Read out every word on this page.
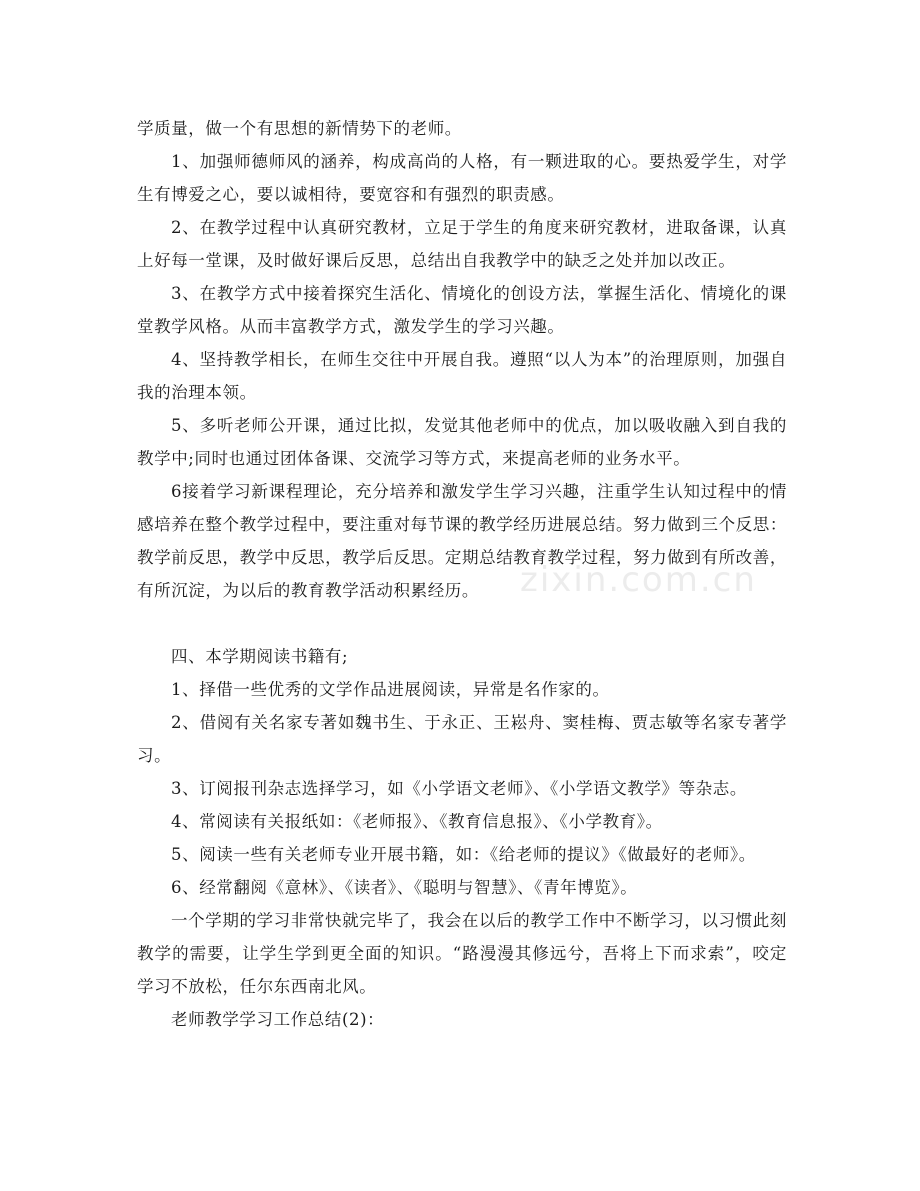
学质量，做一个有思想的新情势下的老师。

1、加强师德师风的涵养，构成高尚的人格，有一颗进取的心。要热爱学生，对学生有博爱之心，要以诚相待，要宽容和有强烈的职责感。

2、在教学过程中认真研究教材，立足于学生的角度来研究教材，进取备课，认真上好每一堂课，及时做好课后反思，总结出自我教学中的缺乏之处并加以改正。

3、在教学方式中接着探究生活化、情境化的创设方法，掌握生活化、情境化的课堂教学风格。从而丰富教学方式，激发学生的学习兴趣。

4、坚持教学相长，在师生交往中开展自我。遵照“以人为本”的治理原则，加强自我的治理本领。

5、多听老师公开课，通过比拟，发觉其他老师中的优点，加以吸收融入到自我的教学中;同时也通过团体备课、交流学习等方式，来提高老师的业务水平。

6接着学习新课程理论，充分培养和激发学生学习兴趣，注重学生认知过程中的情感培养在整个教学过程中，要注重对每节课的教学经历进展总结。努力做到三个反思：教学前反思，教学中反思，教学后反思。定期总结教育教学过程，努力做到有所改善，有所沉淀，为以后的教育教学活动积累经历。

四、本学期阅读书籍有;

1、择借一些优秀的文学作品进展阅读，异常是名作家的。

2、借阅有关名家专著如魏书生、于永正、王崧舟、窦桂梅、贾志敏等名家专著学习。

3、订阅报刊杂志选择学习，如《小学语文老师》、《小学语文教学》等杂志。

4、常阅读有关报纸如：《老师报》、《教育信息报》、《小学教育》。

5、阅读一些有关老师专业开展书籍，如：《给老师的提议》《做最好的老师》。

6、经常翻阅《意林》、《读者》、《聪明与智慧》、《青年博览》。

一个学期的学习非常快就完毕了，我会在以后的教学工作中不断学习，以习惯此刻教学的需要，让学生学到更全面的知识。“路漫漫其修远兮，吾将上下而求索”，咬定学习不放松，任尔东西南北风。

老师教学学习工作总结(2)：

zixin.com.cn
